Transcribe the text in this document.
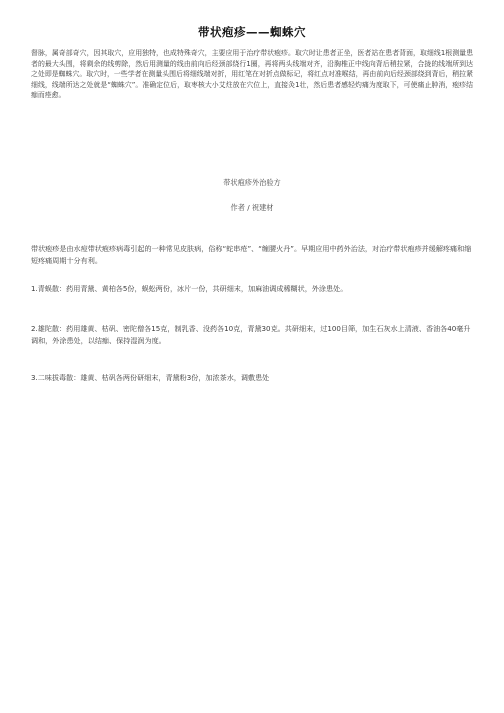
带状疱疹——蜘蛛穴
督脉，属奇部奇穴，因其取穴，应用独特，也成特殊奇穴，主要应用于治疗带状疱疹。取穴时让患者正坐，医者站在患者背面，取细线1根测量患者的最大头围，将剩余的线剪除，然后用测量的线由前向后经颈部绕行1圈，再将两头线端对齐，沿胸椎正中线向背后稍拉紧，合拢的线端所到达之处即是蜘蛛穴。取穴时，一些学者在测量头围后将细线端对折，用红笔在对折点做标记，将红点对准喉结，再由前向后经颈部绕到背后，稍拉紧细线，线端所达之处就是“蜘蛛穴”。准确定位后，取枣核大小艾炷放在穴位上，直接灸1壮，然后患者感轻灼痛为度取下，可使痛止肿消，疱疹结痂而痊愈。
带状疱疹外治验方
作者 / 祝建材
带状疱疹是由水痘带状疱疹病毒引起的一种常见皮肤病，俗称“蛇串疮”、“缠腰火丹”。早期应用中药外治法，对治疗带状疱疹并缓解疼痛和缩短疼痛周期十分有利。
1.青蜈散：药用青黛、黄柏各5份，蜈蚣两份，冰片一份，共研细末，加麻油调成稀糊状，外涂患处。
2.雄陀散：药用雄黄、枯矾、密陀僧各15克，制乳香、没药各10克，青黛30克。共研细末，过100目筛，加生石灰水上清液、香油各40毫升调和，外涂患处，以结痂、保持湿润为度。
3.二味拔毒散：雄黄、枯矾各两份研细末，青黛粉3份，加浓茶水，调敷患处
